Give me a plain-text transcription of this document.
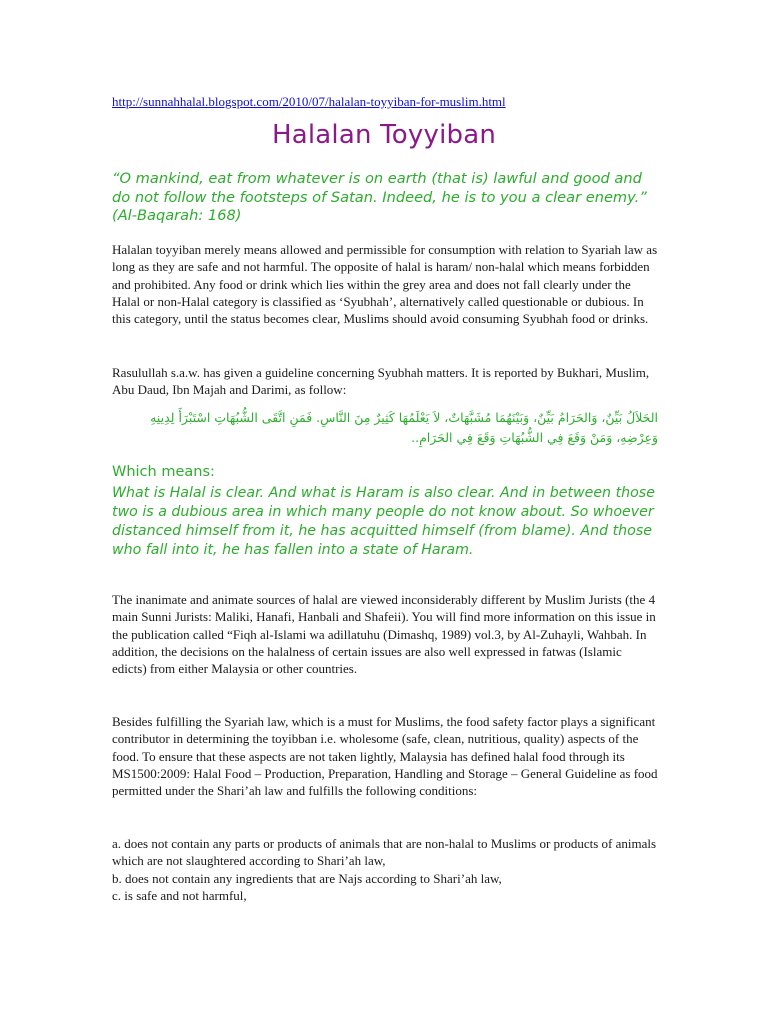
http://sunnahhalal.blogspot.com/2010/07/halalan-toyyiban-for-muslim.html
Halalan Toyyiban
“O mankind, eat from whatever is on earth (that is) lawful and good and do not follow the footsteps of Satan. Indeed, he is to you a clear enemy.” (Al-Baqarah: 168)
Halalan toyyiban merely means allowed and permissible for consumption with relation to Syariah law as long as they are safe and not harmful. The opposite of halal is haram/ non-halal which means forbidden and prohibited. Any food or drink which lies within the grey area and does not fall clearly under the Halal or non-Halal category is classified as ‘Syubhah’, alternatively called questionable or dubious. In this category, until the status becomes clear, Muslims should avoid consuming Syubhah food or drinks.
Rasulullah s.a.w. has given a guideline concerning Syubhah matters. It is reported by Bukhari, Muslim, Abu Daud, Ibn Majah and Darimi, as follow:
الحَلاَلُ بَيِّنٌ، وَالحَرَامُ بَيِّنٌ، وَبَيْنَهُمَا مُشَبَّهَاتٌ، لاَ يَعْلَمُهَا كَثِيرٌ مِنَ النَّاسِ. فَمَنِ اتَّقَى الشُّبُهَاتِ اسْتَبْرَأَ لِدِينِهِ وَعِرْضِهِ، وَمَنْ وَقَعَ فِي الشُّبُهَاتِ وَقَعَ فِي الحَرَامِ..
Which means:
What is Halal is clear. And what is Haram is also clear. And in between those two is a dubious area in which many people do not know about. So whoever distanced himself from it, he has acquitted himself (from blame). And those who fall into it, he has fallen into a state of Haram.
The inanimate and animate sources of halal are viewed inconsiderably different by Muslim Jurists (the 4 main Sunni Jurists: Maliki, Hanafi, Hanbali and Shafeii). You will find more information on this issue in the publication called “Fiqh al-Islami wa adillatuhu (Dimashq, 1989) vol.3, by Al-Zuhayli, Wahbah. In addition, the decisions on the halalness of certain issues are also well expressed in fatwas (Islamic edicts) from either Malaysia or other countries.
Besides fulfilling the Syariah law, which is a must for Muslims, the food safety factor plays a significant contributor in determining the toyibban i.e. wholesome (safe, clean, nutritious, quality) aspects of the food. To ensure that these aspects are not taken lightly, Malaysia has defined halal food through its MS1500:2009: Halal Food – Production, Preparation, Handling and Storage – General Guideline as food permitted under the Shari’ah law and fulfills the following conditions:
a. does not contain any parts or products of animals that are non-halal to Muslims or products of animals which are not slaughtered according to Shari’ah law,
b. does not contain any ingredients that are Najs according to Shari’ah law,
c. is safe and not harmful,
